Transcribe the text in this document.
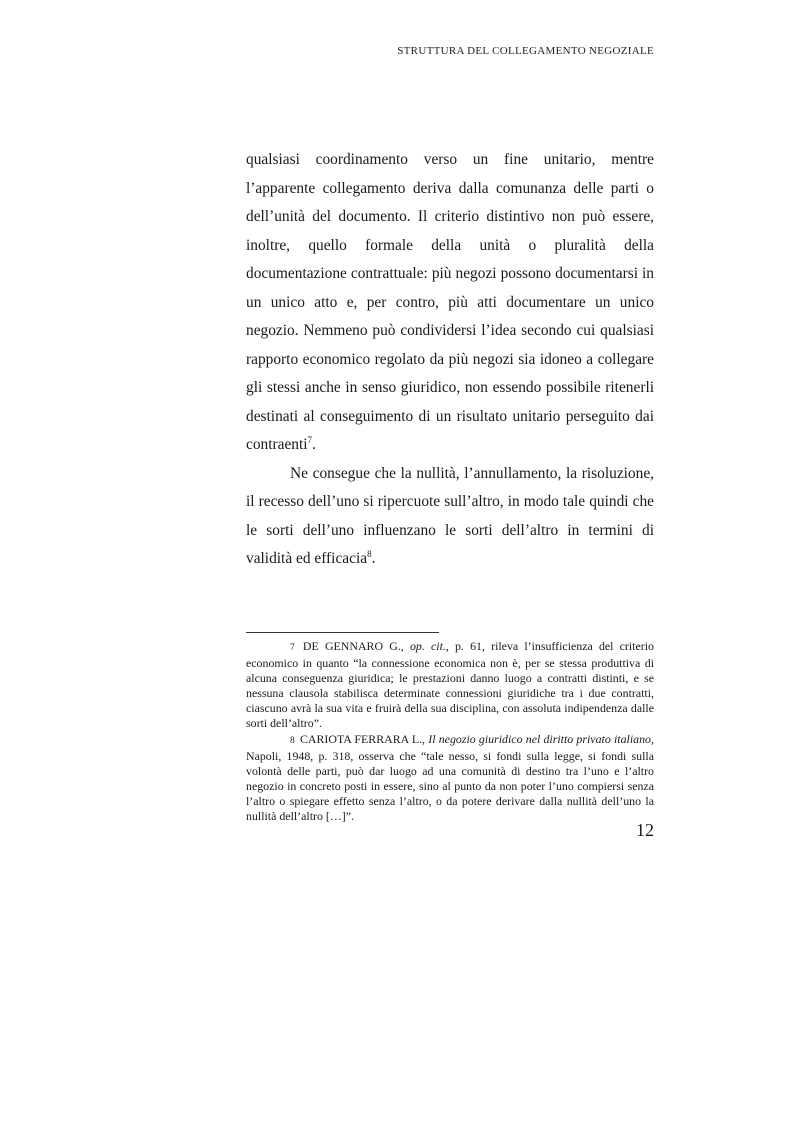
STRUTTURA DEL COLLEGAMENTO NEGOZIALE

qualsiasi coordinamento verso un fine unitario, mentre l’apparente collegamento deriva dalla comunanza delle parti o dell’unità del documento. Il criterio distintivo non può essere, inoltre, quello formale della unità o pluralità della documentazione contrattuale: più negozi possono documentarsi in un unico atto e, per contro, più atti documentare un unico negozio. Nemmeno può condividersi l’idea secondo cui qualsiasi rapporto economico regolato da più negozi sia idoneo a collegare gli stessi anche in senso giuridico, non essendo possibile ritenerli destinati al conseguimento di un risultato unitario perseguito dai contraenti$^7$.

Ne consegue che la nullità, l’annullamento, la risoluzione, il recesso dell’uno si ripercuote sull’altro, in modo tale quindi che le sorti dell’uno influenzano le sorti dell’altro in termini di validità ed efficacia$^8$.

7 DE GENNARO G., op. cit., p. 61, rileva l’insufficienza del criterio economico in quanto “la connessione economica non è, per se stessa produttiva di alcuna conseguenza giuridica; le prestazioni danno luogo a contratti distinti, e se nessuna clausola stabilisca determinate connessioni giuridiche tra i due contratti, ciascuno avrà la sua vita e fruirà della sua disciplina, con assoluta indipendenza dalle sorti dell’altro”.

8 CARIOTA FERRARA L., Il negozio giuridico nel diritto privato italiano, Napoli, 1948, p. 318, osserva che “tale nesso, si fondi sulla legge, si fondi sulla volontà delle parti, può dar luogo ad una comunità di destino tra l’uno e l’altro negozio in concreto posti in essere, sino al punto da non poter l’uno compiersi senza l’altro o spiegare effetto senza l’altro, o da potere derivare dalla nullità dell’uno la nullità dell’altro […]”.

12
